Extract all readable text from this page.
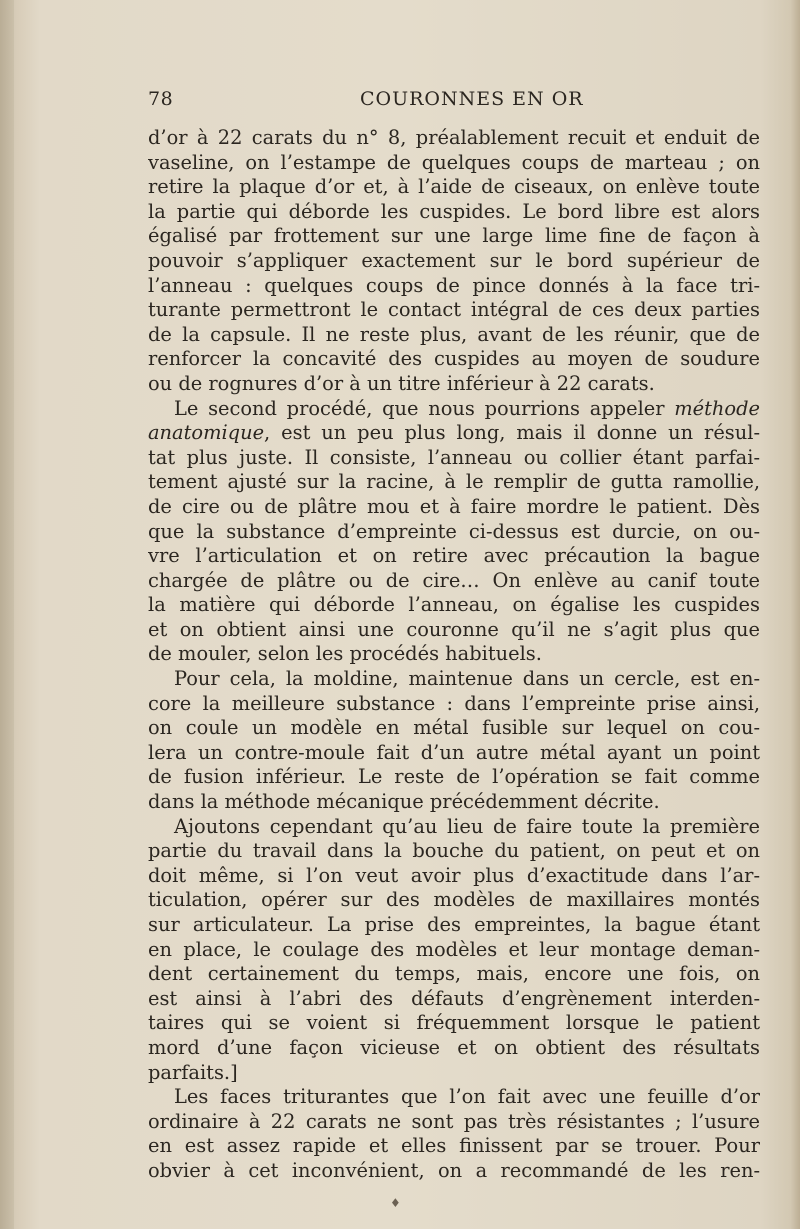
78	COURONNES EN OR
d’or à 22 carats du n° 8, préalablement recuit et enduit de
vaseline, on l’estampe de quelques coups de marteau ; on
retire la plaque d’or et, à l’aide de ciseaux, on enlève toute
la partie qui déborde les cuspides. Le bord libre est alors
égalisé par frottement sur une large lime fine de façon à
pouvoir s’appliquer exactement sur le bord supérieur de
l’anneau : quelques coups de pince donnés à la face tri-
turante permettront le contact intégral de ces deux parties
de la capsule. Il ne reste plus, avant de les réunir, que de
renforcer la concavité des cuspides au moyen de soudure
ou de rognures d’or à un titre inférieur à 22 carats.
Le second procédé, que nous pourrions appeler méthode
anatomique, est un peu plus long, mais il donne un résul-
tat plus juste. Il consiste, l’anneau ou collier étant parfai-
tement ajusté sur la racine, à le remplir de gutta ramollie,
de cire ou de plâtre mou et à faire mordre le patient. Dès
que la substance d’empreinte ci-dessus est durcie, on ou-
vre l’articulation et on retire avec précaution la bague
chargée de plâtre ou de cire… On enlève au canif toute
la matière qui déborde l’anneau, on égalise les cuspides
et on obtient ainsi une couronne qu’il ne s’agit plus que
de mouler, selon les procédés habituels.
Pour cela, la moldine, maintenue dans un cercle, est en-
core la meilleure substance : dans l’empreinte prise ainsi,
on coule un modèle en métal fusible sur lequel on cou-
lera un contre-moule fait d’un autre métal ayant un point
de fusion inférieur. Le reste de l’opération se fait comme
dans la méthode mécanique précédemment décrite.
Ajoutons cependant qu’au lieu de faire toute la première
partie du travail dans la bouche du patient, on peut et on
doit même, si l’on veut avoir plus d’exactitude dans l’ar-
ticulation, opérer sur des modèles de maxillaires montés
sur articulateur. La prise des empreintes, la bague étant
en place, le coulage des modèles et leur montage deman-
dent certainement du temps, mais, encore une fois, on
est ainsi à l’abri des défauts d’engrènement interden-
taires qui se voient si fréquemment lorsque le patient
mord d’une façon vicieuse et on obtient des résultats
parfaits.]
Les faces triturantes que l’on fait avec une feuille d’or
ordinaire à 22 carats ne sont pas très résistantes ; l’usure
en est assez rapide et elles finissent par se trouer. Pour
obvier à cet inconvénient, on a recommandé de les ren-
♦
